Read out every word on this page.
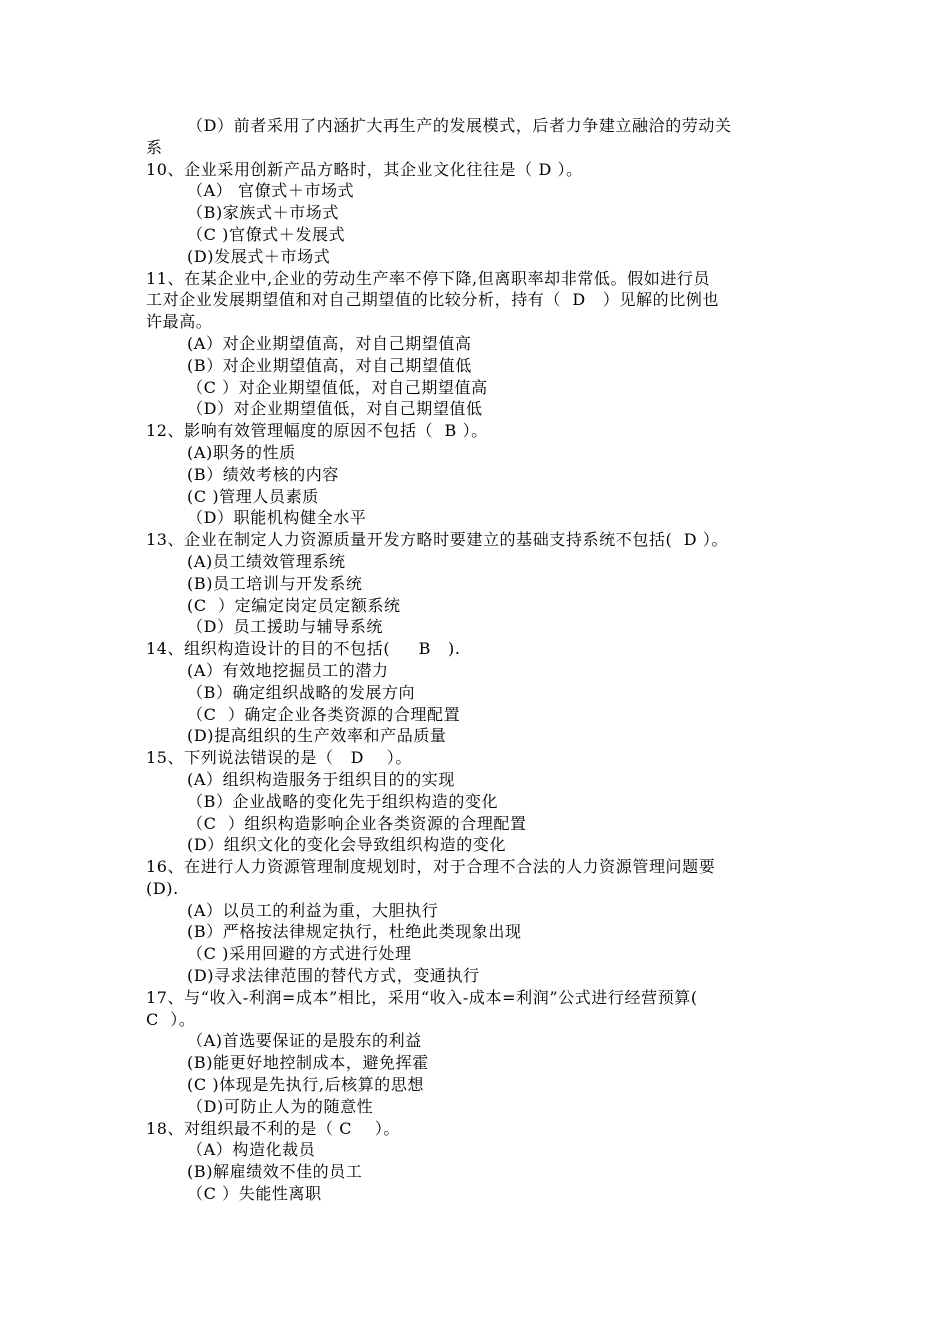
（D）前者采用了内涵扩大再生产的发展模式，后者力争建立融洽的劳动关
系
10、企业采用创新产品方略时，其企业文化往往是（ D ）。
（A） 官僚式＋市场式
（B)家族式＋市场式
（C )官僚式＋发展式
(D)发展式＋市场式
11、在某企业中,企业的劳动生产率不停下降,但离职率却非常低。假如进行员
工对企业发展期望值和对自己期望值的比较分析，持有（  D   ）见解的比例也
许最高。
(A）对企业期望值高，对自己期望值高
(B）对企业期望值高，对自己期望值低
（C ）对企业期望值低，对自己期望值高
（D）对企业期望值低，对自己期望值低
12、影响有效管理幅度的原因不包括（  B ）。
(A)职务的性质
(B）绩效考核的内容
(C )管理人员素质
（D）职能机构健全水平
13、企业在制定人力资源质量开发方略时要建立的基础支持系统不包括(  D ）。
(A)员工绩效管理系统
(B)员工培训与开发系统
(C  ）定编定岗定员定额系统
（D）员工援助与辅导系统
14、组织构造设计的目的不包括(     B   ).
(A）有效地挖掘员工的潜力
（B）确定组织战略的发展方向
（C  ）确定企业各类资源的合理配置
(D)提高组织的生产效率和产品质量
15、下列说法错误的是（   D    ）。
(A）组织构造服务于组织目的的实现
（B）企业战略的变化先于组织构造的变化
（C  ）组织构造影响企业各类资源的合理配置
(D）组织文化的变化会导致组织构造的变化
16、在进行人力资源管理制度规划时，对于合理不合法的人力资源管理问题要
(D).
(A）以员工的利益为重，大胆执行
(B）严格按法律规定执行，杜绝此类现象出现
（C )采用回避的方式进行处理
(D)寻求法律范围的替代方式，变通执行
17、与“收入-利润=成本”相比，采用“收入-成本=利润”公式进行经营预算(
C  ）。
（A)首选要保证的是股东的利益
(B)能更好地控制成本，避免挥霍
(C )体现是先执行,后核算的思想
（D)可防止人为的随意性
18、对组织最不利的是（ C    ）。
（A）构造化裁员
(B)解雇绩效不佳的员工
（C ）失能性离职
